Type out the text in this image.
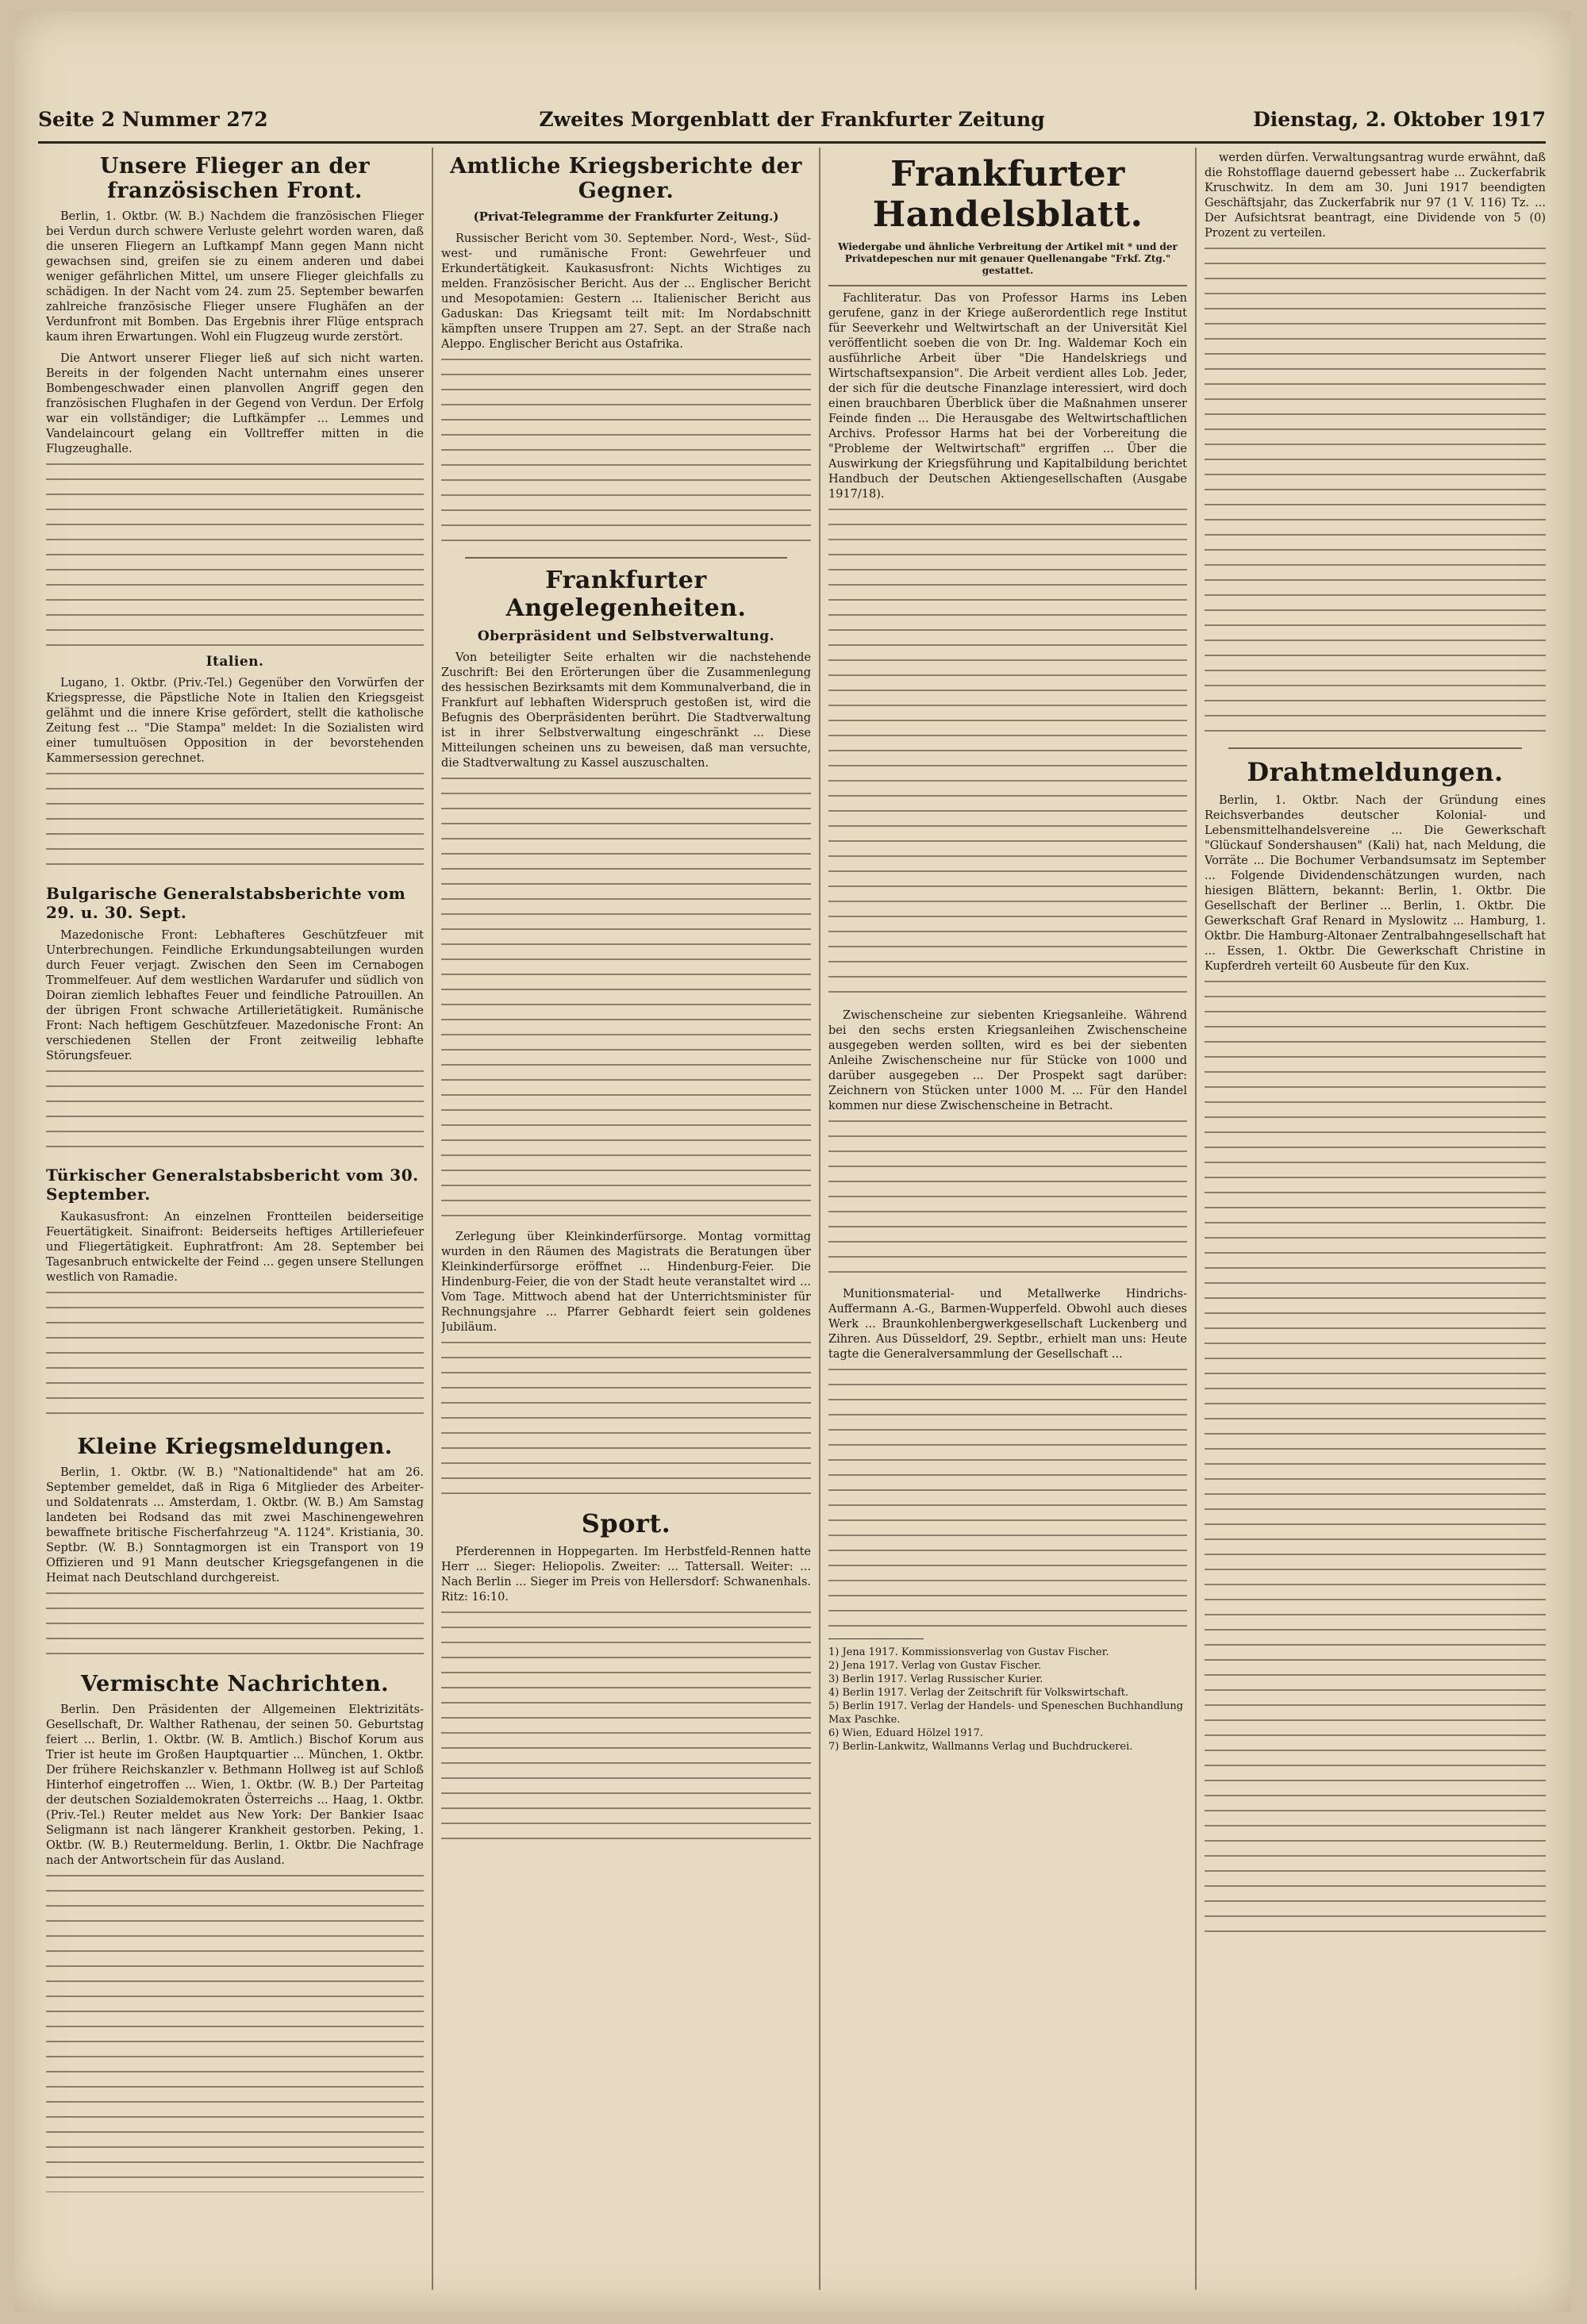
Seite 2 Nummer 272	Zweites Morgenblatt der Frankfurter Zeitung	Dienstag, 2. Oktober 1917
Unsere Flieger an der französischen Front.

Berlin, 1. Oktbr. (W. B.) Nachdem die französischen Flieger bei Verdun durch schwere Verluste gelehrt worden waren, daß die unseren Fliegern an Luftkampf Mann gegen Mann nicht gewachsen sind, greifen sie zu einem anderen und dabei weniger gefährlichen Mittel, um unsere Flieger gleichfalls zu schädigen. In der Nacht vom 24. zum 25. September bewarfen zahlreiche französische Flieger unsere Flughäfen an der Verdunfront mit Bomben. Das Ergebnis ihrer Flüge entsprach kaum ihren Erwartungen. Wohl ein Flugzeug wurde zerstört.

Die Antwort unserer Flieger ließ auf sich nicht warten. Bereits in der folgenden Nacht unternahm eines unserer Bombengeschwader einen planvollen Angriff gegen den französischen Flughafen in der Gegend von Verdun. Der Erfolg war ein vollständiger; die Luftkämpfer ... Lemmes und Vandelaincourt gelang ein Volltreffer mitten in die Flugzeughalle.

Italien.

Lugano, 1. Oktbr. (Priv.-Tel.) Gegenüber den Vorwürfen der Kriegspresse, die Päpstliche Note in Italien den Kriegsgeist gelähmt und die innere Krise gefördert, stellt die katholische Zeitung fest ... "Die Stampa" meldet: In die Sozialisten wird einer tumultuösen Opposition in der bevorstehenden Kammersession gerechnet.

Bulgarische Generalstabsberichte vom 29. u. 30. Sept.

Mazedonische Front: Lebhafteres Geschützfeuer mit Unterbrechungen. Feindliche Erkundungsabteilungen wurden durch Feuer verjagt. Zwischen den Seen im Cernabogen Trommelfeuer. Auf dem westlichen Wardarufer und südlich von Doiran ziemlich lebhaftes Feuer und feindliche Patrouillen. An der übrigen Front schwache Artillerietätigkeit. Rumänische Front: Nach heftigem Geschützfeuer. Mazedonische Front: An verschiedenen Stellen der Front zeitweilig lebhafte Störungsfeuer.

Türkischer Generalstabsbericht vom 30. September.

Kaukasusfront: An einzelnen Frontteilen beiderseitige Feuertätigkeit. Sinaifront: Beiderseits heftiges Artilleriefeuer und Fliegertätigkeit. Euphratfront: Am 28. September bei Tagesanbruch entwickelte der Feind ... gegen unsere Stellungen westlich von Ramadie.

Kleine Kriegsmeldungen.

Berlin, 1. Oktbr. (W. B.) "Nationaltidende" hat am 26. September gemeldet, daß in Riga 6 Mitglieder des Arbeiter- und Soldatenrats ... Amsterdam, 1. Oktbr. (W. B.) Am Samstag landeten bei Rodsand das mit zwei Maschinengewehren bewaffnete britische Fischerfahrzeug "A. 1124". Kristiania, 30. Septbr. (W. B.) Sonntagmorgen ist ein Transport von 19 Offizieren und 91 Mann deutscher Kriegsgefangenen in die Heimat nach Deutschland durchgereist.

Vermischte Nachrichten.

Berlin. Den Präsidenten der Allgemeinen Elektrizitäts-Gesellschaft, Dr. Walther Rathenau, der seinen 50. Geburtstag feiert ... Berlin, 1. Oktbr. (W. B. Amtlich.) Bischof Korum aus Trier ist heute im Großen Hauptquartier ... München, 1. Oktbr. Der frühere Reichskanzler v. Bethmann Hollweg ist auf Schloß Hinterhof eingetroffen ... Wien, 1. Oktbr. (W. B.) Der Parteitag der deutschen Sozialdemokraten Österreichs ... Haag, 1. Oktbr. (Priv.-Tel.) Reuter meldet aus New York: Der Bankier Isaac Seligmann ist nach längerer Krankheit gestorben. Peking, 1. Oktbr. (W. B.) Reutermeldung. Berlin, 1. Oktbr. Die Nachfrage nach der Antwortschein für das Ausland.

Amtliche Kriegsberichte der Gegner.
(Privat-Telegramme der Frankfurter Zeitung.)

Russischer Bericht vom 30. September. Nord-, West-, Süd-west- und rumänische Front: Gewehrfeuer und Erkundertätigkeit. Kaukasusfront: Nichts Wichtiges zu melden. Französischer Bericht. Aus der ... Englischer Bericht und Mesopotamien: Gestern ... Italienischer Bericht aus Gaduskan: Das Kriegsamt teilt mit: Im Nordabschnitt kämpften unsere Truppen am 27. Sept. an der Straße nach Aleppo. Englischer Bericht aus Ostafrika.

Frankfurter Angelegenheiten.
Oberpräsident und Selbstverwaltung.

Von beteiligter Seite erhalten wir die nachstehende Zuschrift: Bei den Erörterungen über die Zusammenlegung des hessischen Bezirksamts mit dem Kommunalverband, die in Frankfurt auf lebhaften Widerspruch gestoßen ist, wird die Befugnis des Oberpräsidenten berührt. Die Stadtverwaltung ist in ihrer Selbstverwaltung eingeschränkt ... Diese Mitteilungen scheinen uns zu beweisen, daß man versuchte, die Stadtverwaltung zu Kassel auszuschalten.

Zerlegung über Kleinkinderfürsorge. Montag vormittag wurden in den Räumen des Magistrats die Beratungen über Kleinkinderfürsorge eröffnet ... Hindenburg-Feier. Die Hindenburg-Feier, die von der Stadt heute veranstaltet wird ... Vom Tage. Mittwoch abend hat der Unterrichtsminister für Rechnungsjahre ... Pfarrer Gebhardt feiert sein goldenes Jubiläum.

Sport.

Pferderennen in Hoppegarten. Im Herbstfeld-Rennen hatte Herr ... Sieger: Heliopolis. Zweiter: ... Tattersall. Weiter: ... Nach Berlin ... Sieger im Preis von Hellersdorf: Schwanenhals. Ritz: 16:10.

Frankfurter Handelsblatt.
Wiedergabe und ähnliche Verbreitung der Artikel mit * und der Privatdepeschen nur mit genauer Quellenangabe "Frkf. Ztg." gestattet.

Fachliteratur. Das von Professor Harms ins Leben gerufene, ganz in der Kriege außerordentlich rege Institut für Seeverkehr und Weltwirtschaft an der Universität Kiel veröffentlicht soeben die von Dr. Ing. Waldemar Koch ein ausführliche Arbeit über "Die Handelskriegs und Wirtschaftsexpansion". Die Arbeit verdient alles Lob. Jeder, der sich für die deutsche Finanzlage interessiert, wird doch einen brauchbaren Überblick über die Maßnahmen unserer Feinde finden ... Die Herausgabe des Weltwirtschaftlichen Archivs. Professor Harms hat bei der Vorbereitung die "Probleme der Weltwirtschaft" ergriffen ... Über die Auswirkung der Kriegsführung und Kapitalbildung berichtet Handbuch der Deutschen Aktiengesellschaften (Ausgabe 1917/18).

Zwischenscheine zur siebenten Kriegsanleihe. Während bei den sechs ersten Kriegsanleihen Zwischenscheine ausgegeben werden sollten, wird es bei der siebenten Anleihe Zwischenscheine nur für Stücke von 1000 und darüber ausgegeben ... Der Prospekt sagt darüber: Zeichnern von Stücken unter 1000 M. ... Für den Handel kommen nur diese Zwischenscheine in Betracht.

Munitionsmaterial- und Metallwerke Hindrichs-Auffermann A.-G., Barmen-Wupperfeld. Obwohl auch dieses Werk ... Braunkohlenbergwerkgesellschaft Luckenberg und Zihren. Aus Düsseldorf, 29. Septbr., erhielt man uns: Heute tagte die Generalversammlung der Gesellschaft ...

1) Jena 1917. Kommissionsverlag von Gustav Fischer.

2) Jena 1917. Verlag von Gustav Fischer.

3) Berlin 1917. Verlag Russischer Kurier.

4) Berlin 1917. Verlag der Zeitschrift für Volkswirtschaft.

5) Berlin 1917. Verlag der Handels- und Speneschen Buchhandlung Max Paschke.

6) Wien, Eduard Hölzel 1917.

7) Berlin-Lankwitz, Wallmanns Verlag und Buchdruckerei.

werden dürfen. Verwaltungsantrag wurde erwähnt, daß die Rohstofflage dauernd gebessert habe ... Zuckerfabrik Kruschwitz. In dem am 30. Juni 1917 beendigten Geschäftsjahr, das Zuckerfabrik nur 97 (1 V. 116) Tz. ... Der Aufsichtsrat beantragt, eine Dividende von 5 (0) Prozent zu verteilen.

Drahtmeldungen.

Berlin, 1. Oktbr. Nach der Gründung eines Reichsverbandes deutscher Kolonial- und Lebensmittelhandelsvereine ... Die Gewerkschaft "Glückauf Sondershausen" (Kali) hat, nach Meldung, die Vorräte ... Die Bochumer Verbandsumsatz im September ... Folgende Dividendenschätzungen wurden, nach hiesigen Blättern, bekannt: Berlin, 1. Oktbr. Die Gesellschaft der Berliner ... Berlin, 1. Oktbr. Die Gewerkschaft Graf Renard in Myslowitz ... Hamburg, 1. Oktbr. Die Hamburg-Altonaer Zentralbahngesellschaft hat ... Essen, 1. Oktbr. Die Gewerkschaft Christine in Kupferdreh verteilt 60 Ausbeute für den Kux.
